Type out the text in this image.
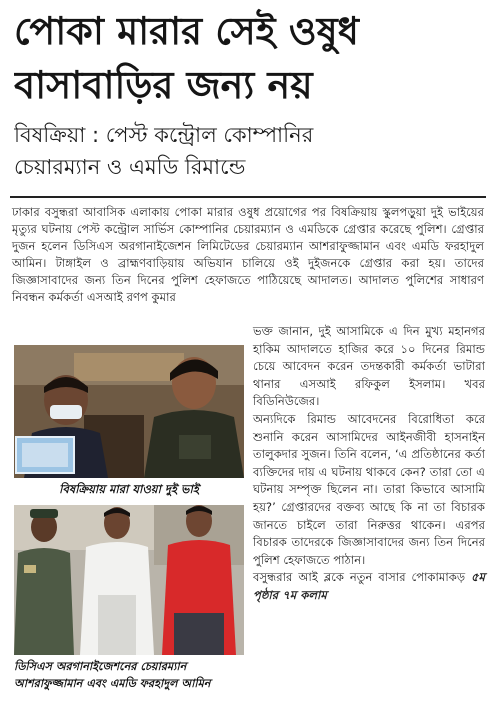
পোকা মারার সেই ওষুধ
বাসাবাড়ির জন্য নয়
বিষক্রিয়া : পেস্ট কন্ট্রোল কোম্পানির
চেয়ারম্যান ও এমডি রিমান্ডে

ঢাকার বসুন্ধরা আবাসিক এলাকায় পোকা মারার ওষুধ প্রয়োগের পর বিষক্রিয়ায় স্কুলপড়ুয়া দুই ভাইয়ের মৃত্যুর ঘটনায় পেস্ট কন্ট্রোল সার্ভিস কোম্পানির চেয়ারম্যান ও এমডিকে গ্রেপ্তার করেছে পুলিশ। গ্রেপ্তার দুজন হলেন ডিসিএস অরগানাইজেশন লিমিটেডের চেয়ারম্যান আশরাফুজ্জামান এবং এমডি ফরহাদুল আমিন। টাঙ্গাইল ও ব্রাহ্মণবাড়িয়ায় অভিযান চালিয়ে ওই দুইজনকে গ্রেপ্তার করা হয়। তাদের জিজ্ঞাসাবাদের জন্য তিন দিনের পুলিশ হেফাজতে পাঠিয়েছে আদালত। আদালত পুলিশের সাধারণ নিবন্ধন কর্মকর্তা এসআই রণপ কুমার

বিষক্রিয়ায় মারা যাওয়া দুই ভাই
ডিসিএস অরগানাইজেশনের চেয়ারম্যান
আশরাফুজ্জামান এবং এমডি ফরহাদুল আমিন

ভক্ত জানান, দুই আসামিকে এ দিন মুখ্য মহানগর হাকিম আদালতে হাজির করে ১০ দিনের রিমান্ড চেয়ে আবেদন করেন তদন্তকারী কর্মকর্তা ভাটারা থানার এসআই রফিকুল ইসলাম। খবর বিডিনিউজের।

অন্যদিকে রিমান্ড আবেদনের বিরোধিতা করে শুনানি করেন আসামিদের আইনজীবী হাসনাইন তালুকদার সুজন। তিনি বলেন, ‘এ প্রতিষ্ঠানের কর্তা ব্যক্তিদের দায় এ ঘটনায় থাকবে কেন? তারা তো এ ঘটনায় সম্পৃক্ত ছিলেন না। তারা কিভাবে আসামি হয়?’ গ্রেপ্তারদের বক্তব্য আছে কি না তা বিচারক জানতে চাইলে তারা নিরুত্তর থাকেন। এরপর বিচারক তাদেরকে জিজ্ঞাসাবাদের জন্য তিন দিনের পুলিশ হেফাজতে পাঠান।

বসুন্ধরার আই ব্লকে নতুন বাসার পোকামাকড় ৫ম পৃষ্ঠার ৭ম কলাম
